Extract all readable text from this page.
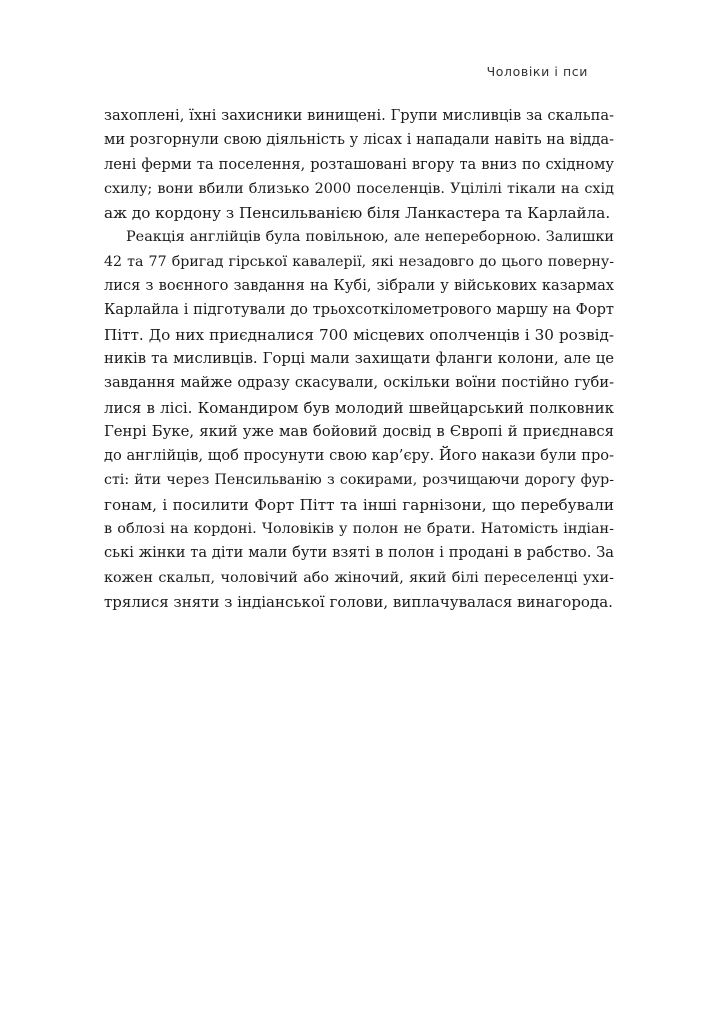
Чоловіки і пси
захоплені, їхні захисники винищені. Групи мисливців за скальпа-
ми розгорнули свою діяльність у лісах і нападали навіть на відда-
лені ферми та поселення, розташовані вгору та вниз по східному
схилу; вони вбили близько 2000 поселенців. Уцілілі тікали на схід
аж до кордону з Пенсильванією біля Ланкастера та Карлайла.
Реакція англійців була повільною, але непереборною. Залишки
42 та 77 бригад гірської кавалерії, які незадовго до цього поверну-
лися з воєнного завдання на Кубі, зібрали у військових казармах
Карлайла і підготували до трьохсоткілометрового маршу на Форт
Пітт. До них приєдналися 700 місцевих ополченців і 30 розвід-
ників та мисливців. Горці мали захищати фланги колони, але це
завдання майже одразу скасували, оскільки воїни постійно губи-
лися в лісі. Командиром був молодий швейцарський полковник
Генрі Буке, який уже мав бойовий досвід в Європі й приєднався
до англійців, щоб просунути свою кар’єру. Його накази були про-
сті: йти через Пенсильванію з сокирами, розчищаючи дорогу фур-
гонам, і посилити Форт Пітт та інші гарнізони, що перебували
в облозі на кордоні. Чоловіків у полон не брати. Натомість індіан-
ські жінки та діти мали бути взяті в полон і продані в рабство. За
кожен скальп, чоловічий або жіночий, який білі переселенці ухи-
трялися зняти з індіанської голови, виплачувалася винагорода.
